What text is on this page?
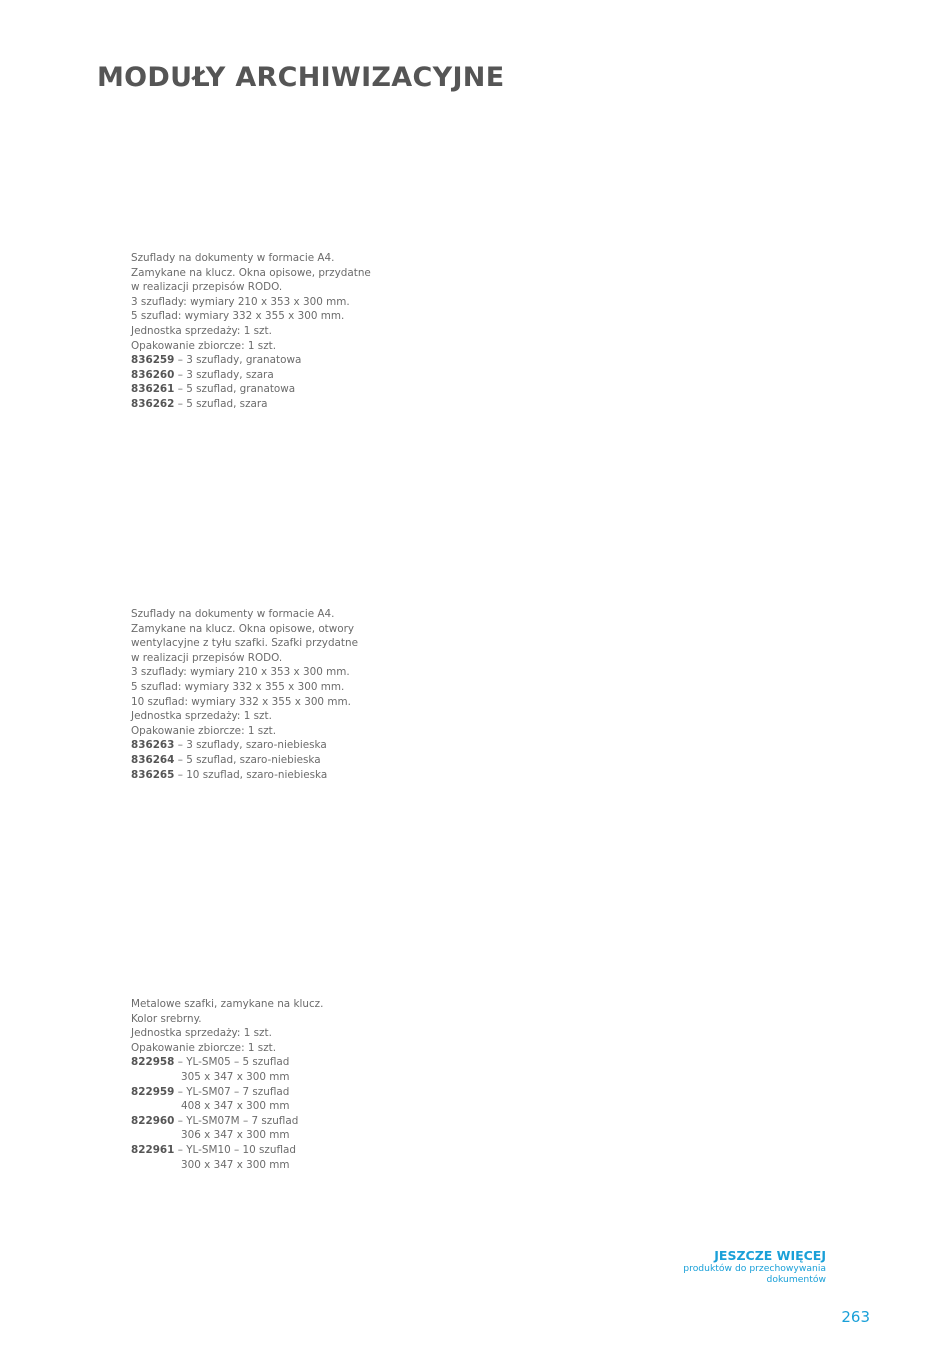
MODUŁY ARCHIWIZACYJNE
Szuflady na dokumenty w formacie A4.
Zamykane na klucz. Okna opisowe, przydatne
w realizacji przepisów RODO.
3 szuflady: wymiary 210 x 353 x 300 mm.
5 szuflad: wymiary 332 x 355 x 300 mm.
Jednostka sprzedaży: 1 szt.
Opakowanie zbiorcze: 1 szt.
836259 – 3 szuflady, granatowa
836260 – 3 szuflady, szara
836261 – 5 szuflad, granatowa
836262 – 5 szuflad, szara
Szuflady na dokumenty w formacie A4.
Zamykane na klucz. Okna opisowe, otwory
wentylacyjne z tyłu szafki. Szafki przydatne
w realizacji przepisów RODO.
3 szuflady: wymiary 210 x 353 x 300 mm.
5 szuflad: wymiary 332 x 355 x 300 mm.
10 szuflad: wymiary 332 x 355 x 300 mm.
Jednostka sprzedaży: 1 szt.
Opakowanie zbiorcze: 1 szt.
836263 – 3 szuflady, szaro-niebieska
836264 – 5 szuflad, szaro-niebieska
836265 – 10 szuflad, szaro-niebieska
Metalowe szafki, zamykane na klucz.
Kolor srebrny.
Jednostka sprzedaży: 1 szt.
Opakowanie zbiorcze: 1 szt.
822958 – YL-SM05 – 5 szuflad
305 x 347 x 300 mm
822959 – YL-SM07 – 7 szuflad
408 x 347 x 300 mm
822960 – YL-SM07M – 7 szuflad
306 x 347 x 300 mm
822961 – YL-SM10 – 10 szuflad
300 x 347 x 300 mm
JESZCZE WIĘCEJ
produktów do przechowywania
dokumentów
263
